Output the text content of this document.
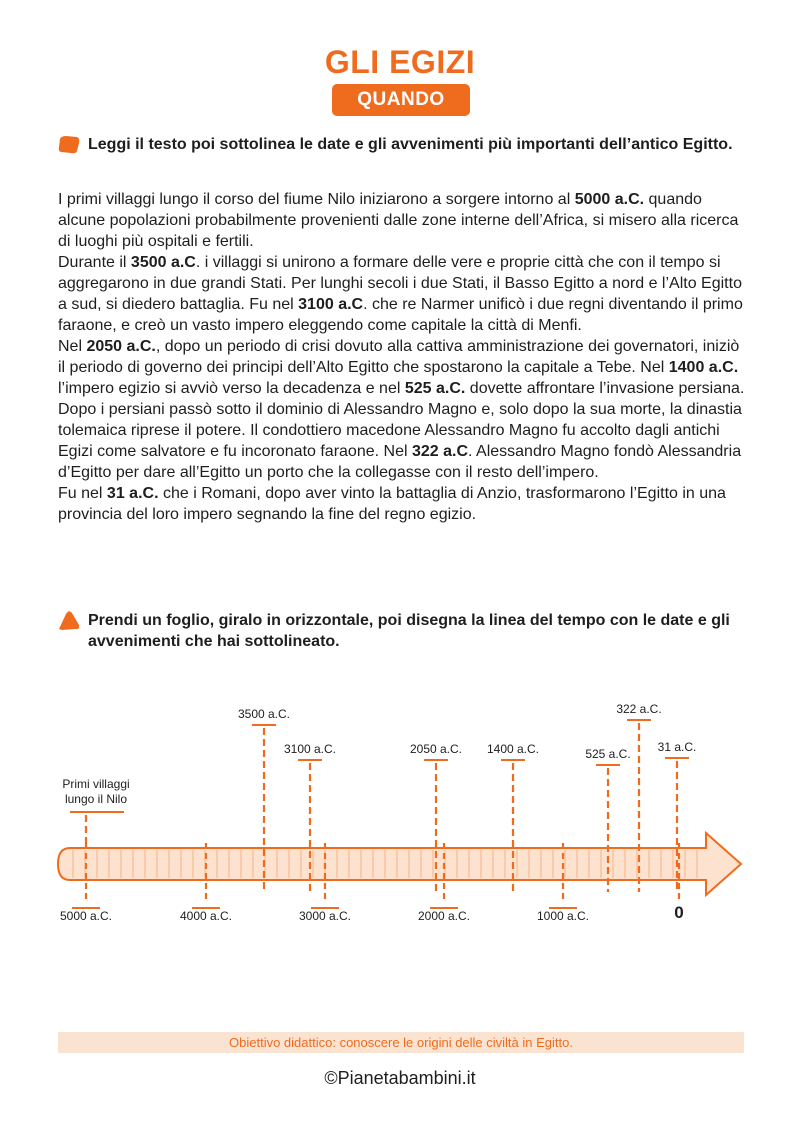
GLI EGIZI
QUANDO
Leggi il testo poi sottolinea le date e gli avvenimenti più importanti dell’antico Egitto.

I primi villaggi lungo il corso del fiume Nilo iniziarono a sorgere intorno al 5000 a.C. quando alcune popolazioni probabilmente provenienti dalle zone interne dell’Africa, si misero alla ricerca di luoghi più ospitali e fertili.

Durante il 3500 a.C. i villaggi si unirono a formare delle vere e proprie città che con il tempo si aggregarono in due grandi Stati. Per lunghi secoli i due Stati, il Basso Egitto a nord e l’Alto Egitto a sud, si diedero battaglia. Fu nel 3100 a.C. che re Narmer unificò i due regni diventando il primo faraone, e creò un vasto impero eleggendo come capitale la città di Menfi.

Nel 2050 a.C., dopo un periodo di crisi dovuto alla cattiva amministrazione dei governatori, iniziò il periodo di governo dei principi dell’Alto Egitto che spostarono la capitale a Tebe. Nel 1400 a.C. l’impero egizio si avviò verso la decadenza e nel 525 a.C. dovette affrontare l’invasione persiana. Dopo i persiani passò sotto il dominio di Alessandro Magno e, solo dopo la sua morte, la dinastia tolemaica riprese il potere. Il condottiero macedone Alessandro Magno fu accolto dagli antichi Egizi come salvatore e fu incoronato faraone. Nel 322 a.C. Alessandro Magno fondò Alessandria d’Egitto per dare all’Egitto un porto che la collegasse con il resto dell’impero.

Fu nel 31 a.C. che i Romani, dopo aver vinto la battaglia di Anzio, trasformarono l’Egitto in una provincia del loro impero segnando la fine del regno egizio.

Prendi un foglio, giralo in orizzontale, poi disegna la linea del tempo con le date e gli avvenimenti che hai sottolineato.
5000 a.C.	4000 a.C.	3000 a.C.	2000 a.C.	1000 a.C.	0
3500 a.C.
3100 a.C.	2050 a.C. 1400 a.C.	525 a.C.
322 a.C.
31 a.C.
Primi villaggi
lungo il Nilo
Obiettivo didattico: conoscere le origini delle civiltà in Egitto.
©Pianetabambini.it
